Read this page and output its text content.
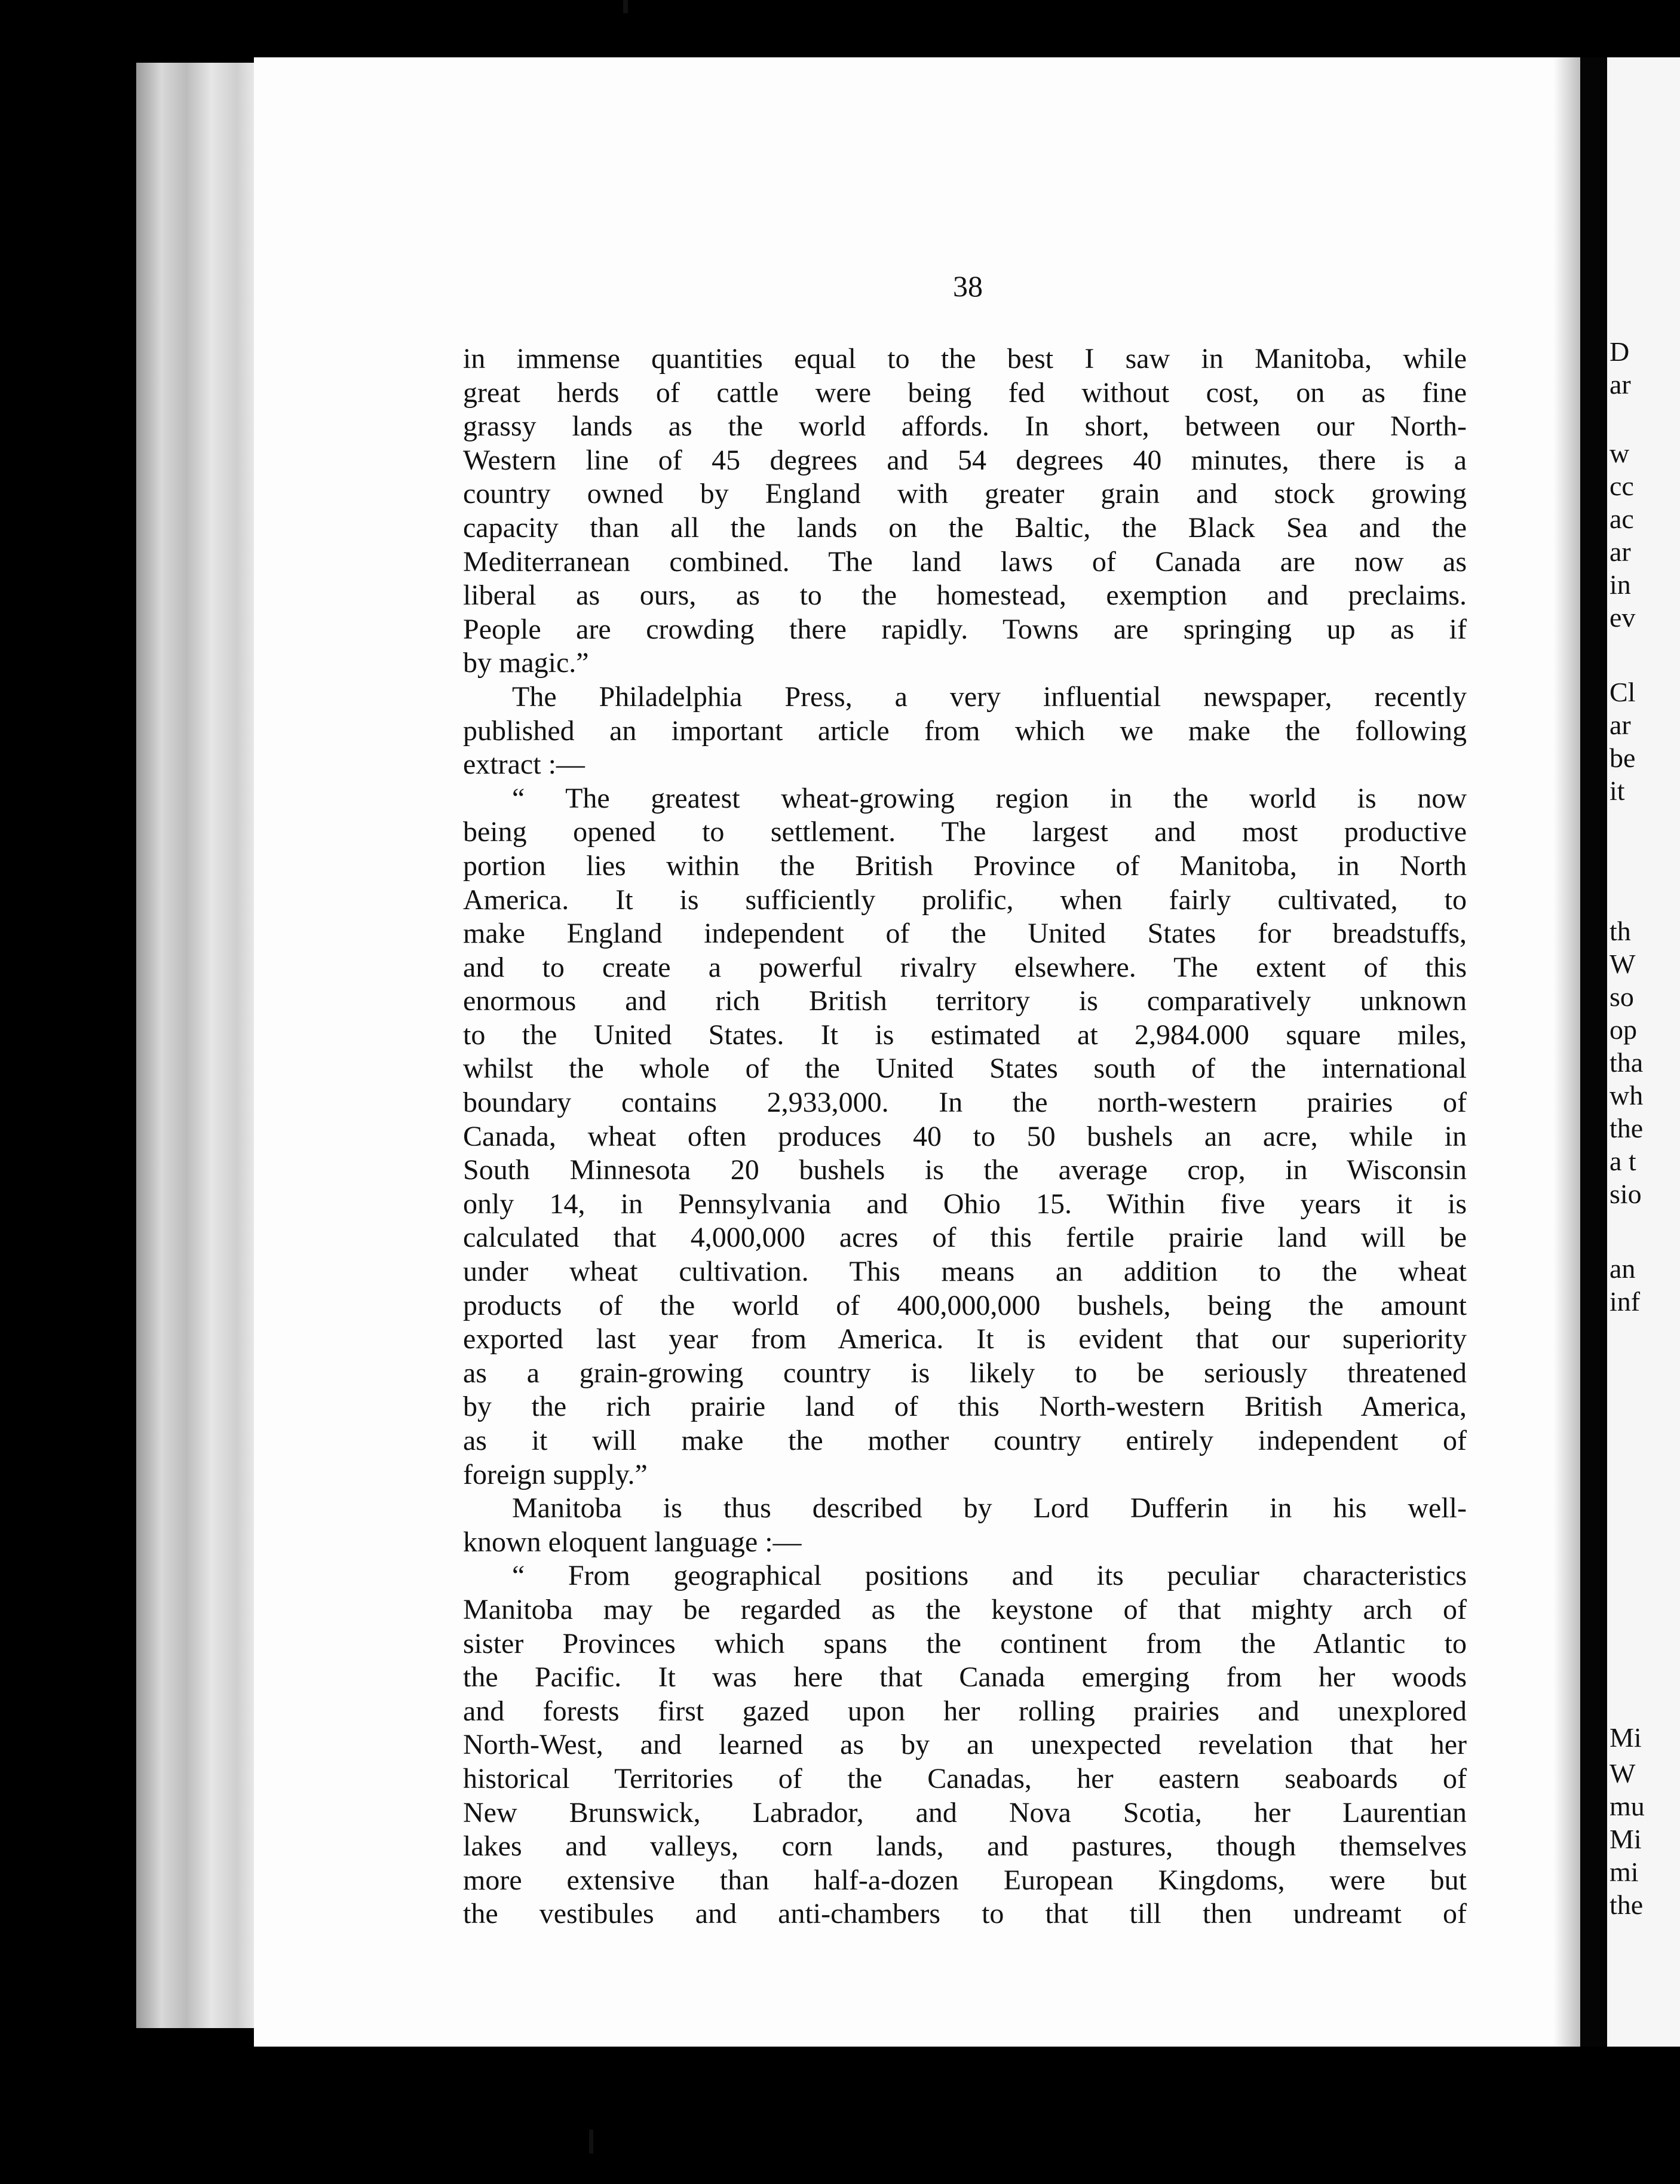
D
ar
w
cc
ac
ar
in
ev
Cl
ar
be
it
th
W
so
op
tha
wh
the
a t
sio
an
inf
Mi
W
mu
Mi
mi
the
38
in immense quantities equal to the best I saw in Manitoba, while
great herds of cattle were being fed without cost, on as fine
grassy lands as the world affords. In short, between our North-
Western line of 45 degrees and 54 degrees 40 minutes, there is a
country owned by England with greater grain and stock growing
capacity than all the lands on the Baltic, the Black Sea and the
Mediterranean combined. The land laws of Canada are now as
liberal as ours, as to the homestead, exemption and preclaims.
People are crowding there rapidly. Towns are springing up as if
by magic.”
The Philadelphia Press, a very influential newspaper, recently
published an important article from which we make the following
extract :—
“ The greatest wheat-growing region in the world is now
being opened to settlement. The largest and most productive
portion lies within the British Province of Manitoba, in North
America. It is sufficiently prolific, when fairly cultivated, to
make England independent of the United States for breadstuffs,
and to create a powerful rivalry elsewhere. The extent of this
enormous and rich British territory is comparatively unknown
to the United States. It is estimated at 2,984.000 square miles,
whilst the whole of the United States south of the international
boundary contains 2,933,000. In the north-western prairies of
Canada, wheat often produces 40 to 50 bushels an acre, while in
South Minnesota 20 bushels is the average crop, in Wisconsin
only 14, in Pennsylvania and Ohio 15. Within five years it is
calculated that 4,000,000 acres of this fertile prairie land will be
under wheat cultivation. This means an addition to the wheat
products of the world of 400,000,000 bushels, being the amount
exported last year from America. It is evident that our superiority
as a grain-growing country is likely to be seriously threatened
by the rich prairie land of this North-western British America,
as it will make the mother country entirely independent of
foreign supply.”
Manitoba is thus described by Lord Dufferin in his well-
known eloquent language :—
“ From geographical positions and its peculiar characteristics
Manitoba may be regarded as the keystone of that mighty arch of
sister Provinces which spans the continent from the Atlantic to
the Pacific. It was here that Canada emerging from her woods
and forests first gazed upon her rolling prairies and unexplored
North-West, and learned as by an unexpected revelation that her
historical Territories of the Canadas, her eastern seaboards of
New Brunswick, Labrador, and Nova Scotia, her Laurentian
lakes and valleys, corn lands, and pastures, though themselves
more extensive than half-a-dozen European Kingdoms, were but
the vestibules and anti-chambers to that till then undreamt of
